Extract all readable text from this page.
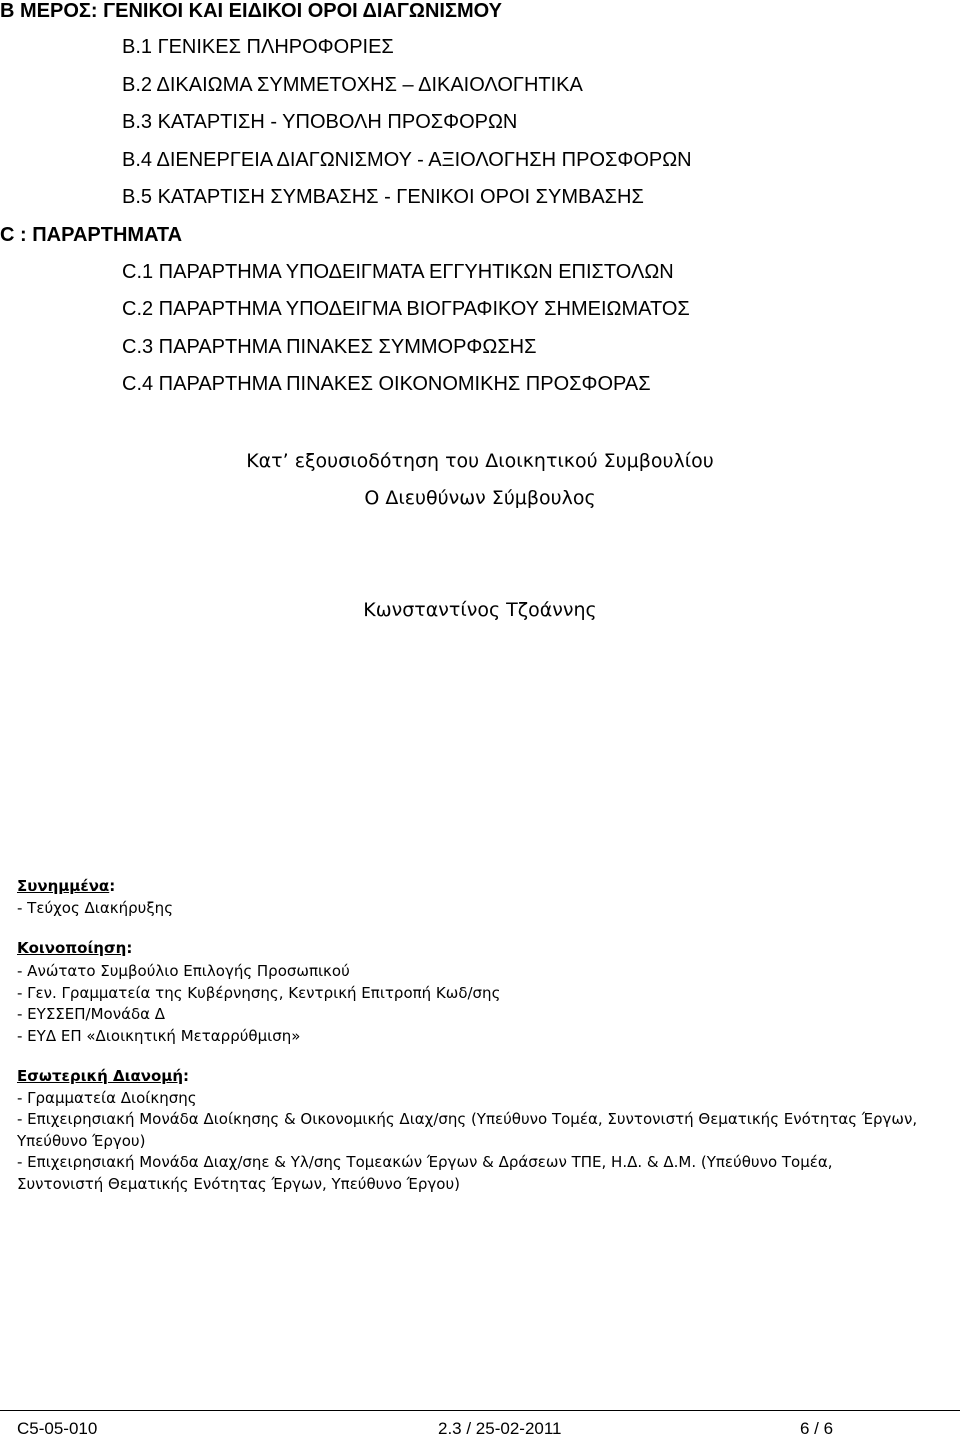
Β ΜΕΡΟΣ: ΓΕΝΙΚΟΙ ΚΑΙ ΕΙΔΙΚΟΙ ΟΡΟΙ ΔΙΑΓΩΝΙΣΜΟΥ
Β.1 ΓΕΝΙΚΕΣ ΠΛΗΡΟΦΟΡΙΕΣ
Β.2 ΔΙΚΑΙΩΜΑ ΣΥΜΜΕΤΟΧΗΣ – ΔΙΚΑΙΟΛΟΓΗΤΙΚΑ
Β.3 ΚΑΤΑΡΤΙΣΗ - ΥΠΟΒΟΛΗ ΠΡΟΣΦΟΡΩΝ
Β.4 ΔΙΕΝΕΡΓΕΙΑ ΔΙΑΓΩΝΙΣΜΟΥ - ΑΞΙΟΛΟΓΗΣΗ ΠΡΟΣΦΟΡΩΝ
Β.5 ΚΑΤΑΡΤΙΣΗ ΣΥΜΒΑΣΗΣ - ΓΕΝΙΚΟΙ ΟΡΟΙ ΣΥΜΒΑΣΗΣ
C : ΠΑΡΑΡΤΗΜΑΤΑ
C.1 ΠΑΡΑΡΤΗΜΑ ΥΠΟΔΕΙΓΜΑΤΑ ΕΓΓΥΗΤΙΚΩΝ ΕΠΙΣΤΟΛΩΝ
C.2 ΠΑΡΑΡΤΗΜΑ ΥΠΟΔΕΙΓΜΑ ΒΙΟΓΡΑΦΙΚΟΥ ΣΗΜΕΙΩΜΑΤΟΣ
C.3 ΠΑΡΑΡΤΗΜΑ ΠΙΝΑΚΕΣ ΣΥΜΜΟΡΦΩΣΗΣ
C.4 ΠΑΡΑΡΤΗΜΑ ΠΙΝΑΚΕΣ ΟΙΚΟΝΟΜΙΚΗΣ ΠΡΟΣΦΟΡΑΣ
Κατ’ εξουσιοδότηση του Διοικητικού Συμβουλίου
Ο Διευθύνων Σύμβουλος
Κωνσταντίνος Τζοάννης
Συνημμένα:
- Τεύχος Διακήρυξης
Κοινοποίηση:
- Ανώτατο Συμβούλιο Επιλογής Προσωπικού
- Γεν. Γραμματεία της Κυβέρνησης, Κεντρική Επιτροπή Κωδ/σης
- ΕΥΣΣΕΠ/Μονάδα Δ
- ΕΥΔ ΕΠ «Διοικητική Μεταρρύθμιση»
Εσωτερική Διανομή:
- Γραμματεία Διοίκησης
- Επιχειρησιακή Μονάδα Διοίκησης & Οικονομικής Διαχ/σης (Υπεύθυνο Τομέα, Συντονιστή Θεματικής Ενότητας Έργων,
Υπεύθυνο Έργου)
- Επιχειρησιακή Μονάδα Διαχ/σηε & Υλ/σης Τομεακών Έργων & Δράσεων ΤΠΕ, Η.Δ. & Δ.Μ. (Υπεύθυνο Τομέα,
Συντονιστή Θεματικής Ενότητας Έργων, Υπεύθυνο Έργου)
C5-05-010	2.3 / 25-02-2011	6 / 6
